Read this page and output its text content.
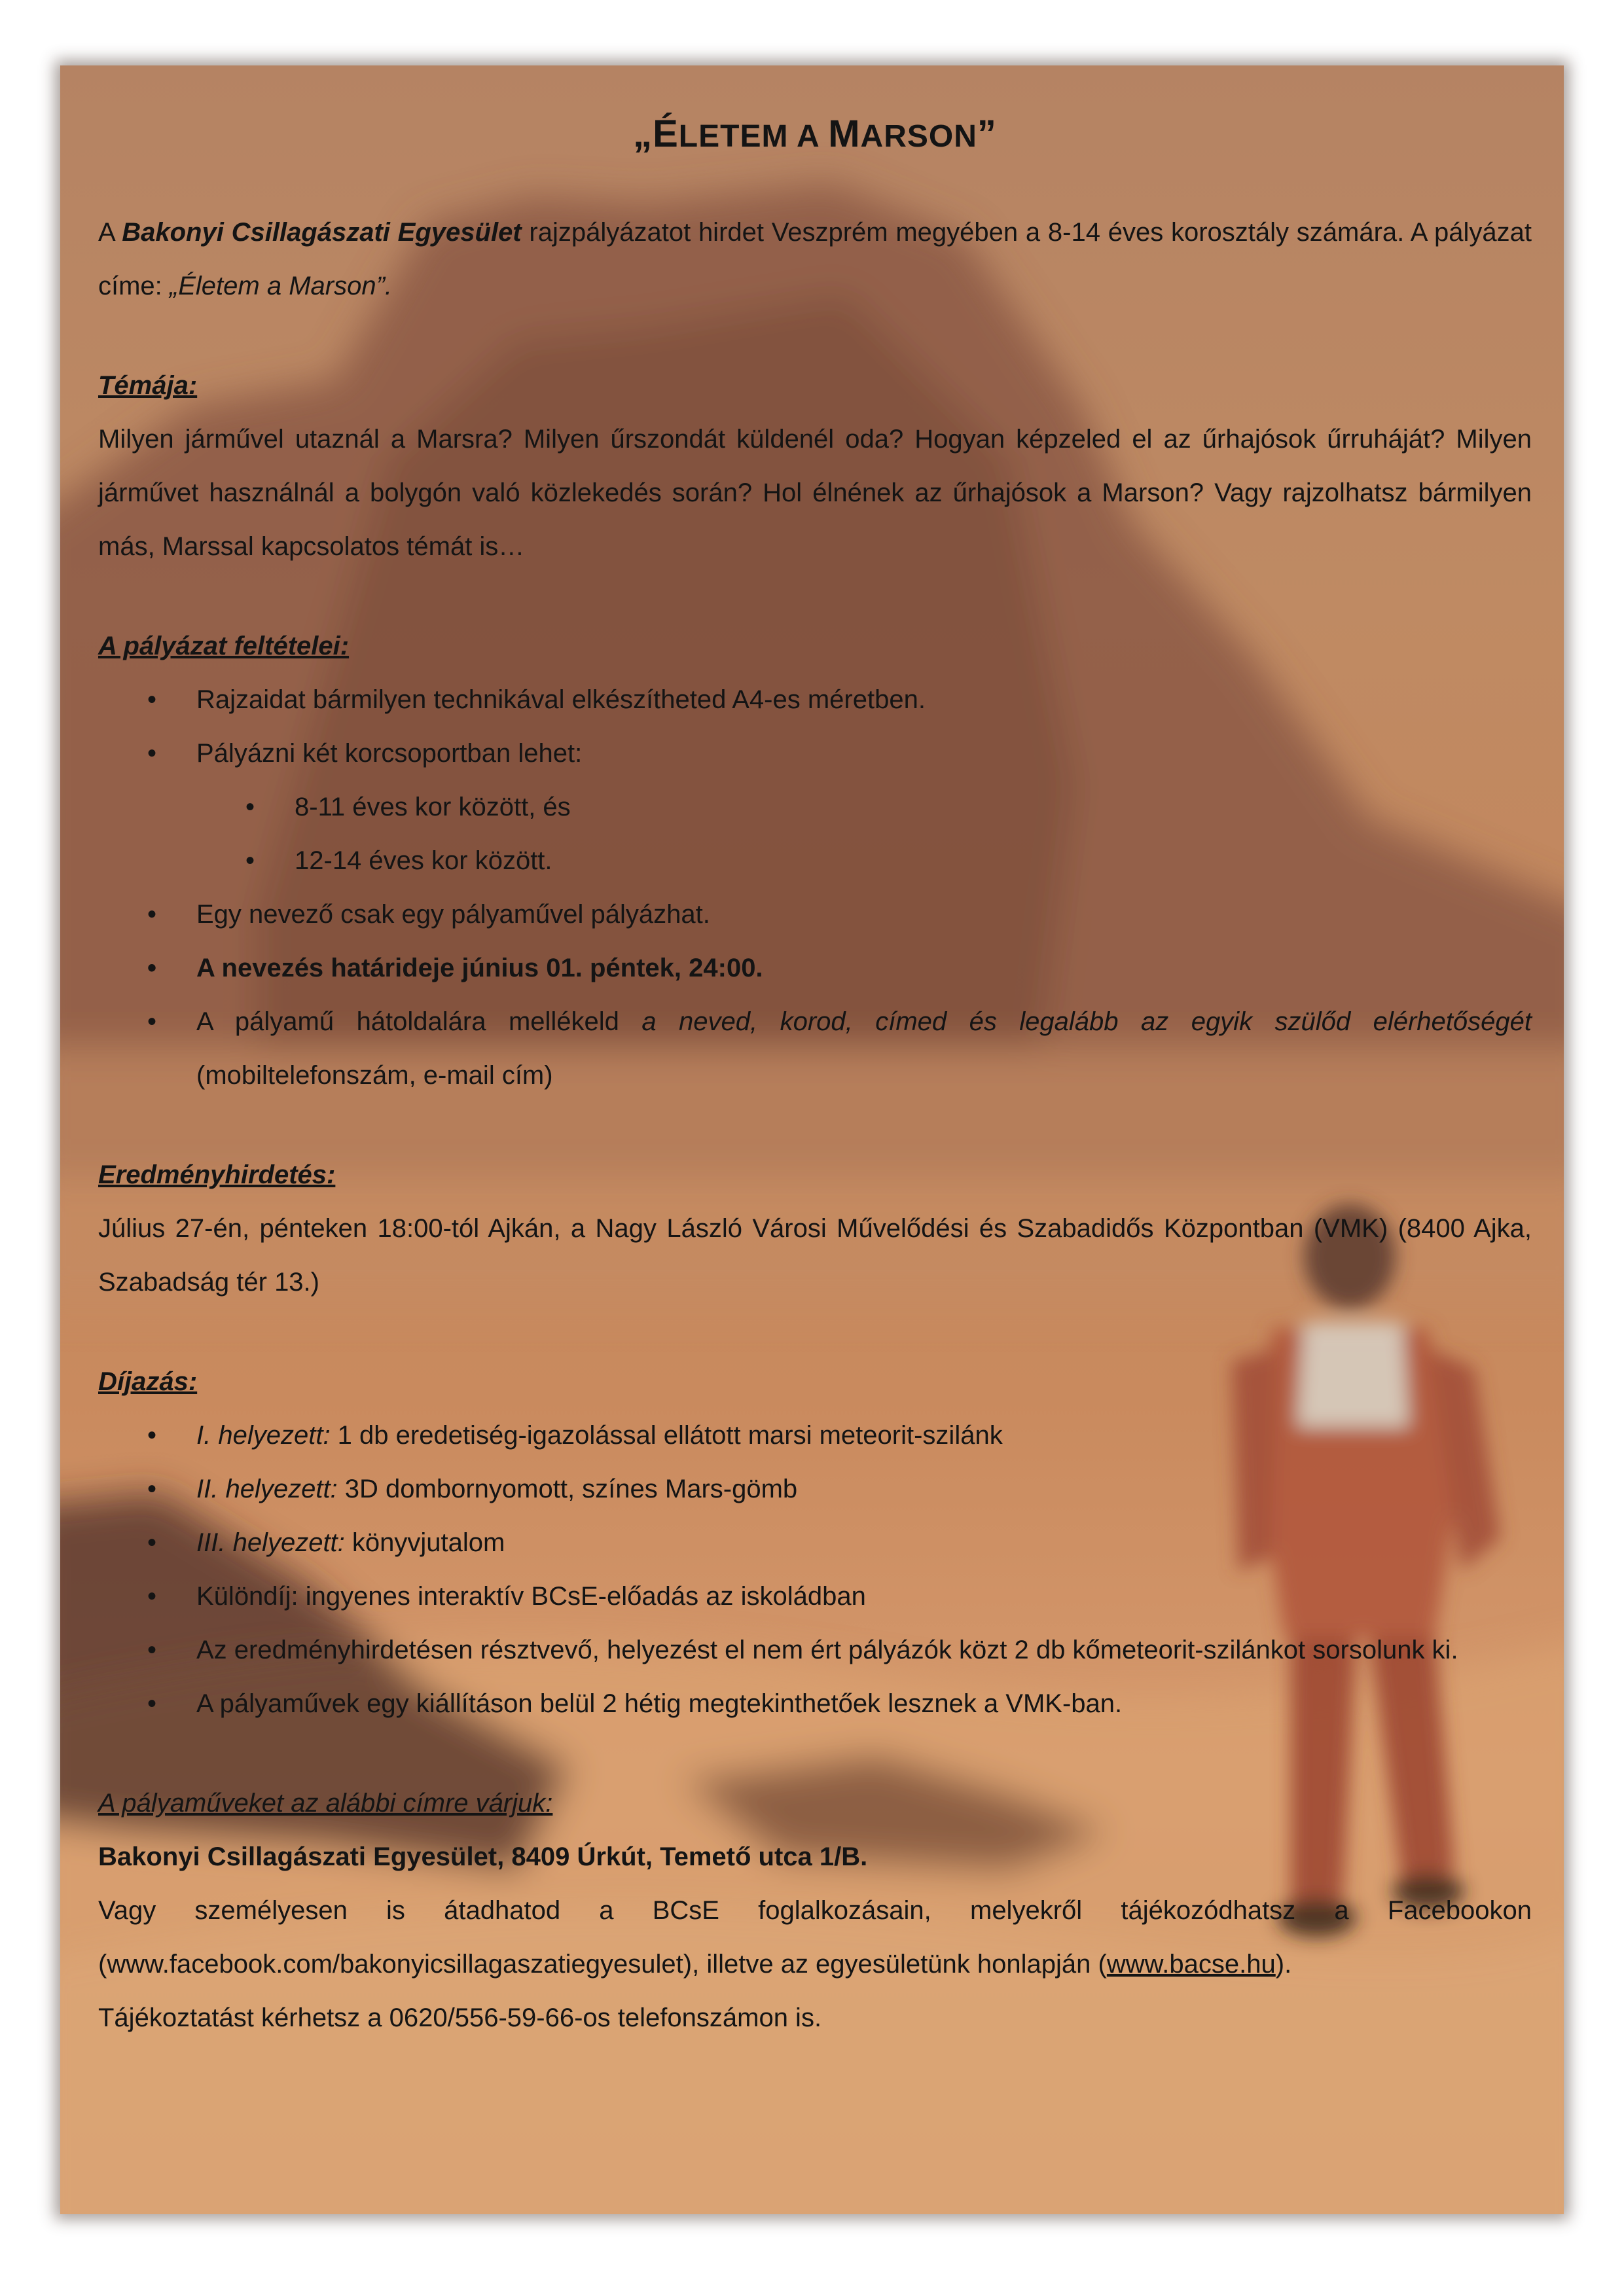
„ÉLETEM A MARSON”

A Bakonyi Csillagászati Egyesület rajzpályázatot hirdet Veszprém megyében a 8-14 éves korosztály számára. A pályázat címe: „Életem a Marson”.

Témája:

Milyen járművel utaznál a Marsra? Milyen űrszondát küldenél oda? Hogyan képzeled el az űrhajósok űrruháját? Milyen járművet használnál a bolygón való közlekedés során? Hol élnének az űrhajósok a Marson? Vagy rajzolhatsz bármilyen más, Marssal kapcsolatos témát is…

A pályázat feltételei:

• Rajzaidat bármilyen technikával elkészítheted A4-es méretben.
• Pályázni két korcsoportban lehet:
• 8-11 éves kor között, és
• 12-14 éves kor között.
• Egy nevező csak egy pályaművel pályázhat.
• A nevezés határideje június 01. péntek, 24:00.
• A pályamű hátoldalára mellékeld a neved, korod, címed és legalább az egyik szülőd elérhetőségét (mobiltelefonszám, e-mail cím)

Eredményhirdetés:

Július 27-én, pénteken 18:00-tól Ajkán, a Nagy László Városi Művelődési és Szabadidős Központban (VMK) (8400 Ajka, Szabadság tér 13.)

Díjazás:

• I. helyezett: 1 db eredetiség-igazolással ellátott marsi meteorit-szilánk
• II. helyezett: 3D dombornyomott, színes Mars-gömb
• III. helyezett: könyvjutalom
• Különdíj: ingyenes interaktív BCsE-előadás az iskoládban
• Az eredményhirdetésen résztvevő, helyezést el nem ért pályázók közt 2 db kőmeteorit-szilánkot sorsolunk ki.
• A pályaművek egy kiállításon belül 2 hétig megtekinthetőek lesznek a VMK-ban.

A pályaműveket az alábbi címre várjuk:

Bakonyi Csillagászati Egyesület, 8409 Úrkút, Temető utca 1/B.

Vagy személyesen is átadhatod a BCsE foglalkozásain, melyekről tájékozódhatsz a Facebookon (www.facebook.com/bakonyicsillagaszatiegyesulet), illetve az egyesületünk honlapján (www.bacse.hu).

Tájékoztatást kérhetsz a 0620/556-59-66-os telefonszámon is.
